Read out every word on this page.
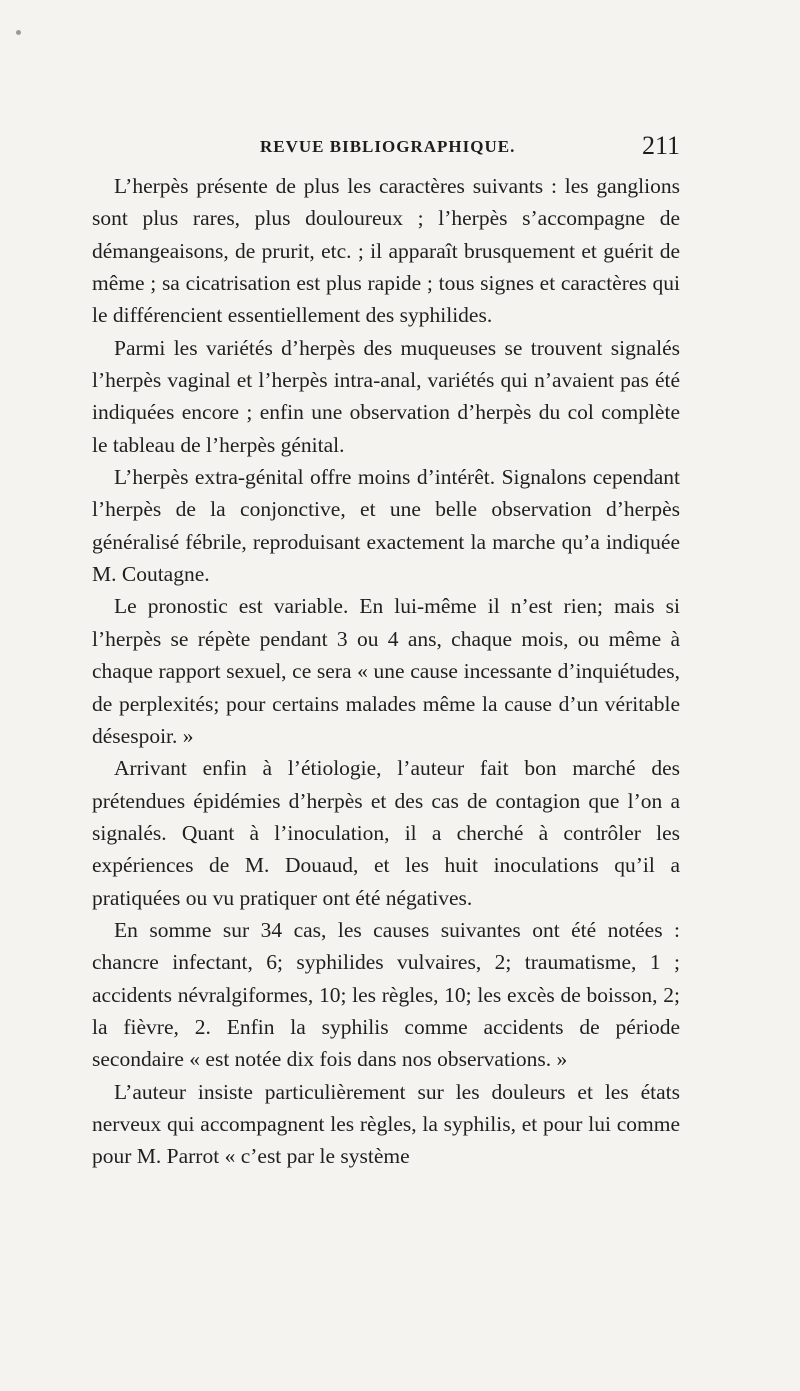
REVUE BIBLIOGRAPHIQUE.	211

L’herpès présente de plus les caractères suivants : les ganglions sont plus rares, plus douloureux ; l’herpès s’accompagne de démangeaisons, de prurit, etc. ; il apparaît brusquement et guérit de même ; sa cicatrisation est plus rapide ; tous signes et caractères qui le différencient essentiellement des syphilides.

Parmi les variétés d’herpès des muqueuses se trouvent signalés l’herpès vaginal et l’herpès intra-anal, variétés qui n’avaient pas été indiquées encore ; enfin une observation d’herpès du col complète le tableau de l’herpès génital.

L’herpès extra-génital offre moins d’intérêt. Signalons cependant l’herpès de la conjonctive, et une belle observation d’herpès généralisé fébrile, reproduisant exactement la marche qu’a indiquée M. Coutagne.

Le pronostic est variable. En lui-même il n’est rien; mais si l’herpès se répète pendant 3 ou 4 ans, chaque mois, ou même à chaque rapport sexuel, ce sera « une cause incessante d’inquiétudes, de perplexités; pour certains malades même la cause d’un véritable désespoir. »

Arrivant enfin à l’étiologie, l’auteur fait bon marché des prétendues épidémies d’herpès et des cas de contagion que l’on a signalés. Quant à l’inoculation, il a cherché à contrôler les expériences de M. Douaud, et les huit inoculations qu’il a pratiquées ou vu pratiquer ont été négatives.

En somme sur 34 cas, les causes suivantes ont été notées : chancre infectant, 6; syphilides vulvaires, 2; traumatisme, 1 ; accidents névralgiformes, 10; les règles, 10; les excès de boisson, 2; la fièvre, 2. Enfin la syphilis comme accidents de période secondaire « est notée dix fois dans nos observations. »

L’auteur insiste particulièrement sur les douleurs et les états nerveux qui accompagnent les règles, la syphilis, et pour lui comme pour M. Parrot « c’est par le système
